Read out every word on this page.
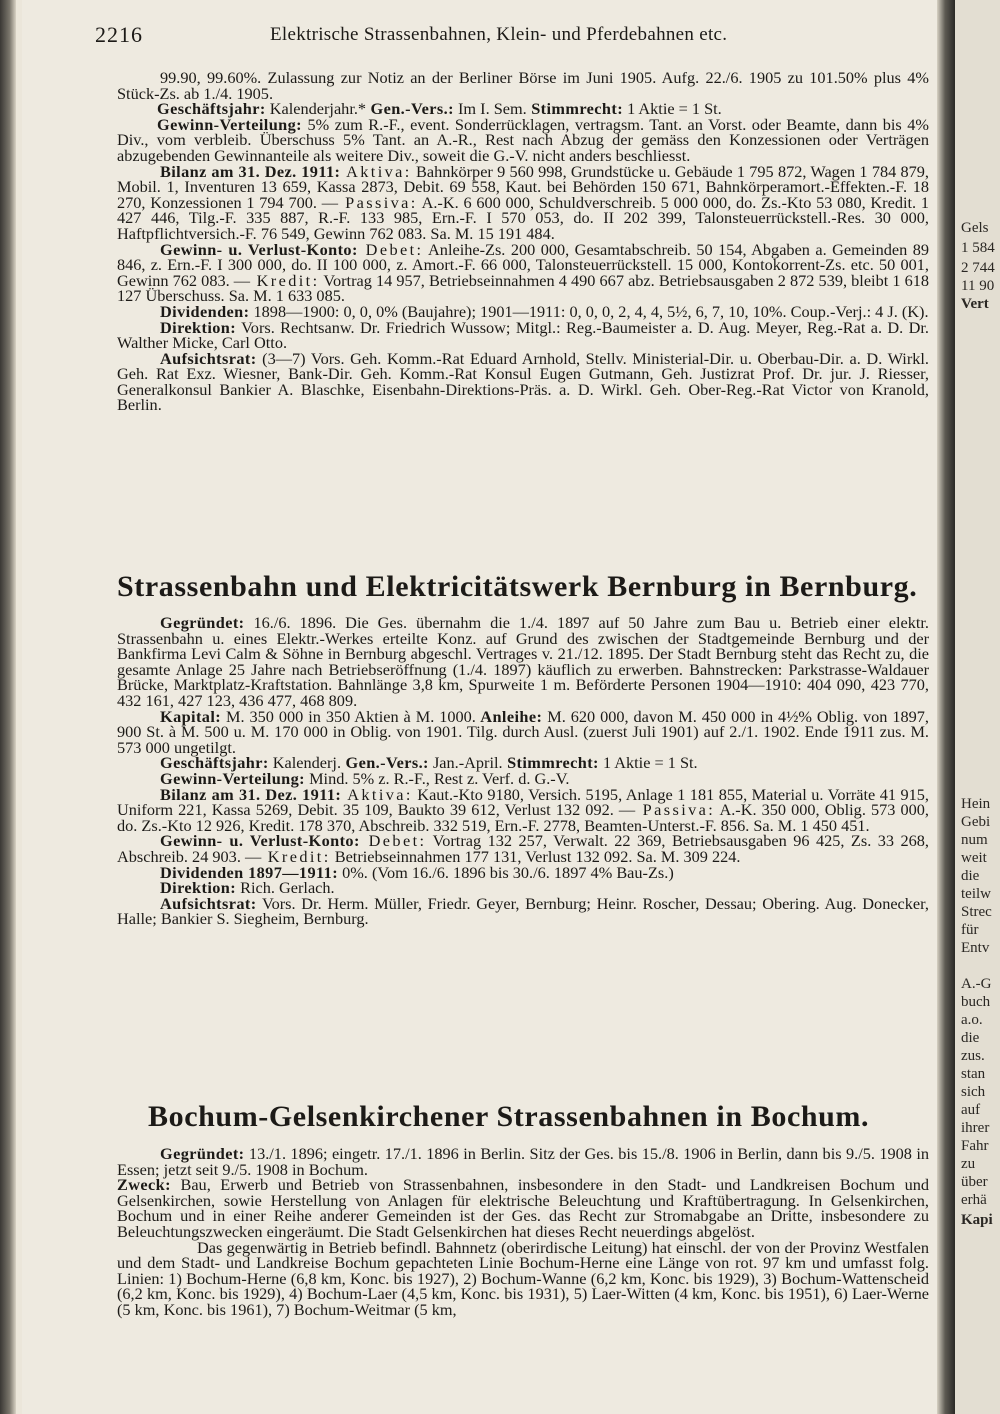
2216	Elektrische Strassenbahnen, Klein- und Pferdebahnen etc.

99.90, 99.60%. Zulassung zur Notiz an der Berliner Börse im Juni 1905. Aufg. 22./6. 1905 zu 101.50% plus 4% Stück-Zs. ab 1./4. 1905.

Geschäftsjahr: Kalenderjahr.* Gen.-Vers.: Im I. Sem. Stimmrecht: 1 Aktie = 1 St.

Gewinn-Verteilung: 5% zum R.-F., event. Sonderrücklagen, vertragsm. Tant. an Vorst. oder Beamte, dann bis 4% Div., vom verbleib. Überschuss 5% Tant. an A.-R., Rest nach Abzug der gemäss den Konzessionen oder Verträgen abzugebenden Gewinnanteile als weitere Div., soweit die G.-V. nicht anders beschliesst.

Bilanz am 31. Dez. 1911: Aktiva: Bahnkörper 9 560 998, Grundstücke u. Gebäude 1 795 872, Wagen 1 784 879, Mobil. 1, Inventuren 13 659, Kassa 2873, Debit. 69 558, Kaut. bei Behörden 150 671, Bahnkörperamort.-Effekten.-F. 18 270, Konzessionen 1 794 700. — Passiva: A.-K. 6 600 000, Schuldverschreib. 5 000 000, do. Zs.-Kto 53 080, Kredit. 1 427 446, Tilg.-F. 335 887, R.-F. 133 985, Ern.-F. I 570 053, do. II 202 399, Talonsteuerrückstell.-Res. 30 000, Haftpflichtversich.-F. 76 549, Gewinn 762 083. Sa. M. 15 191 484.

Gewinn- u. Verlust-Konto: Debet: Anleihe-Zs. 200 000, Gesamtabschreib. 50 154, Abgaben a. Gemeinden 89 846, z. Ern.-F. I 300 000, do. II 100 000, z. Amort.-F. 66 000, Talonsteuerrückstell. 15 000, Kontokorrent-Zs. etc. 50 001, Gewinn 762 083. — Kredit: Vortrag 14 957, Betriebseinnahmen 4 490 667 abz. Betriebsausgaben 2 872 539, bleibt 1 618 127 Überschuss. Sa. M. 1 633 085.

Dividenden: 1898—1900: 0, 0, 0% (Baujahre); 1901—1911: 0, 0, 0, 2, 4, 4, 5½, 6, 7, 10, 10%. Coup.-Verj.: 4 J. (K).

Direktion: Vors. Rechtsanw. Dr. Friedrich Wussow; Mitgl.: Reg.-Baumeister a. D. Aug. Meyer, Reg.-Rat a. D. Dr. Walther Micke, Carl Otto.

Aufsichtsrat: (3—7) Vors. Geh. Komm.-Rat Eduard Arnhold, Stellv. Ministerial-Dir. u. Oberbau-Dir. a. D. Wirkl. Geh. Rat Exz. Wiesner, Bank-Dir. Geh. Komm.-Rat Konsul Eugen Gutmann, Geh. Justizrat Prof. Dr. jur. J. Riesser, Generalkonsul Bankier A. Blaschke, Eisenbahn-Direktions-Präs. a. D. Wirkl. Geh. Ober-Reg.-Rat Victor von Kranold, Berlin.

Strassenbahn und Elektricitätswerk Bernburg in Bernburg.

Gegründet: 16./6. 1896. Die Ges. übernahm die 1./4. 1897 auf 50 Jahre zum Bau u. Betrieb einer elektr. Strassenbahn u. eines Elektr.-Werkes erteilte Konz. auf Grund des zwischen der Stadtgemeinde Bernburg und der Bankfirma Levi Calm & Söhne in Bernburg abgeschl. Vertrages v. 21./12. 1895. Der Stadt Bernburg steht das Recht zu, die gesamte Anlage 25 Jahre nach Betriebseröffnung (1./4. 1897) käuflich zu erwerben. Bahnstrecken: Parkstrasse-Waldauer Brücke, Marktplatz-Kraftstation. Bahnlänge 3,8 km, Spurweite 1 m. Beförderte Personen 1904—1910: 404 090, 423 770, 432 161, 427 123, 436 477, 468 809.

Kapital: M. 350 000 in 350 Aktien à M. 1000. Anleihe: M. 620 000, davon M. 450 000 in 4½% Oblig. von 1897, 900 St. à M. 500 u. M. 170 000 in Oblig. von 1901. Tilg. durch Ausl. (zuerst Juli 1901) auf 2./1. 1902. Ende 1911 zus. M. 573 000 ungetilgt.

Geschäftsjahr: Kalenderj. Gen.-Vers.: Jan.-April. Stimmrecht: 1 Aktie = 1 St.

Gewinn-Verteilung: Mind. 5% z. R.-F., Rest z. Verf. d. G.-V.

Bilanz am 31. Dez. 1911: Aktiva: Kaut.-Kto 9180, Versich. 5195, Anlage 1 181 855, Material u. Vorräte 41 915, Uniform 221, Kassa 5269, Debit. 35 109, Baukto 39 612, Verlust 132 092. — Passiva: A.-K. 350 000, Oblig. 573 000, do. Zs.-Kto 12 926, Kredit. 178 370, Abschreib. 332 519, Ern.-F. 2778, Beamten-Unterst.-F. 856. Sa. M. 1 450 451.

Gewinn- u. Verlust-Konto: Debet: Vortrag 132 257, Verwalt. 22 369, Betriebsausgaben 96 425, Zs. 33 268, Abschreib. 24 903. — Kredit: Betriebseinnahmen 177 131, Verlust 132 092. Sa. M. 309 224.

Dividenden 1897—1911: 0%. (Vom 16./6. 1896 bis 30./6. 1897 4% Bau-Zs.)

Direktion: Rich. Gerlach.

Aufsichtsrat: Vors. Dr. Herm. Müller, Friedr. Geyer, Bernburg; Heinr. Roscher, Dessau; Obering. Aug. Donecker, Halle; Bankier S. Siegheim, Bernburg.

Bochum-Gelsenkirchener Strassenbahnen in Bochum.

Gegründet: 13./1. 1896; eingetr. 17./1. 1896 in Berlin. Sitz der Ges. bis 15./8. 1906 in Berlin, dann bis 9./5. 1908 in Essen; jetzt seit 9./5. 1908 in Bochum.

Zweck: Bau, Erwerb und Betrieb von Strassenbahnen, insbesondere in den Stadt- und Landkreisen Bochum und Gelsenkirchen, sowie Herstellung von Anlagen für elektrische Beleuchtung und Kraftübertragung. In Gelsenkirchen, Bochum und in einer Reihe anderer Gemeinden ist der Ges. das Recht zur Stromabgabe an Dritte, insbesondere zu Beleuchtungszwecken eingeräumt. Die Stadt Gelsenkirchen hat dieses Recht neuerdings abgelöst.

Das gegenwärtig in Betrieb befindl. Bahnnetz (oberirdische Leitung) hat einschl. der von der Provinz Westfalen und dem Stadt- und Landkreise Bochum gepachteten Linie Bochum-Herne eine Länge von rot. 97 km und umfasst folg. Linien: 1) Bochum-Herne (6,8 km, Konc. bis 1927), 2) Bochum-Wanne (6,2 km, Konc. bis 1929), 3) Bochum-Wattenscheid (6,2 km, Konc. bis 1929), 4) Bochum-Laer (4,5 km, Konc. bis 1931), 5) Laer-Witten (4 km, Konc. bis 1951), 6) Laer-Werne (5 km, Konc. bis 1961), 7) Bochum-Weitmar (5 km,

Gels
1 584
2 744
11 90
Vert
Hein
Gebi
num
weit
die
teilw
Strec
für
Entv
A.-G
buch
a.o.
die
zus.
stan
sich
auf
ihrer
Fahr
zu
über
erhä
Kapi
